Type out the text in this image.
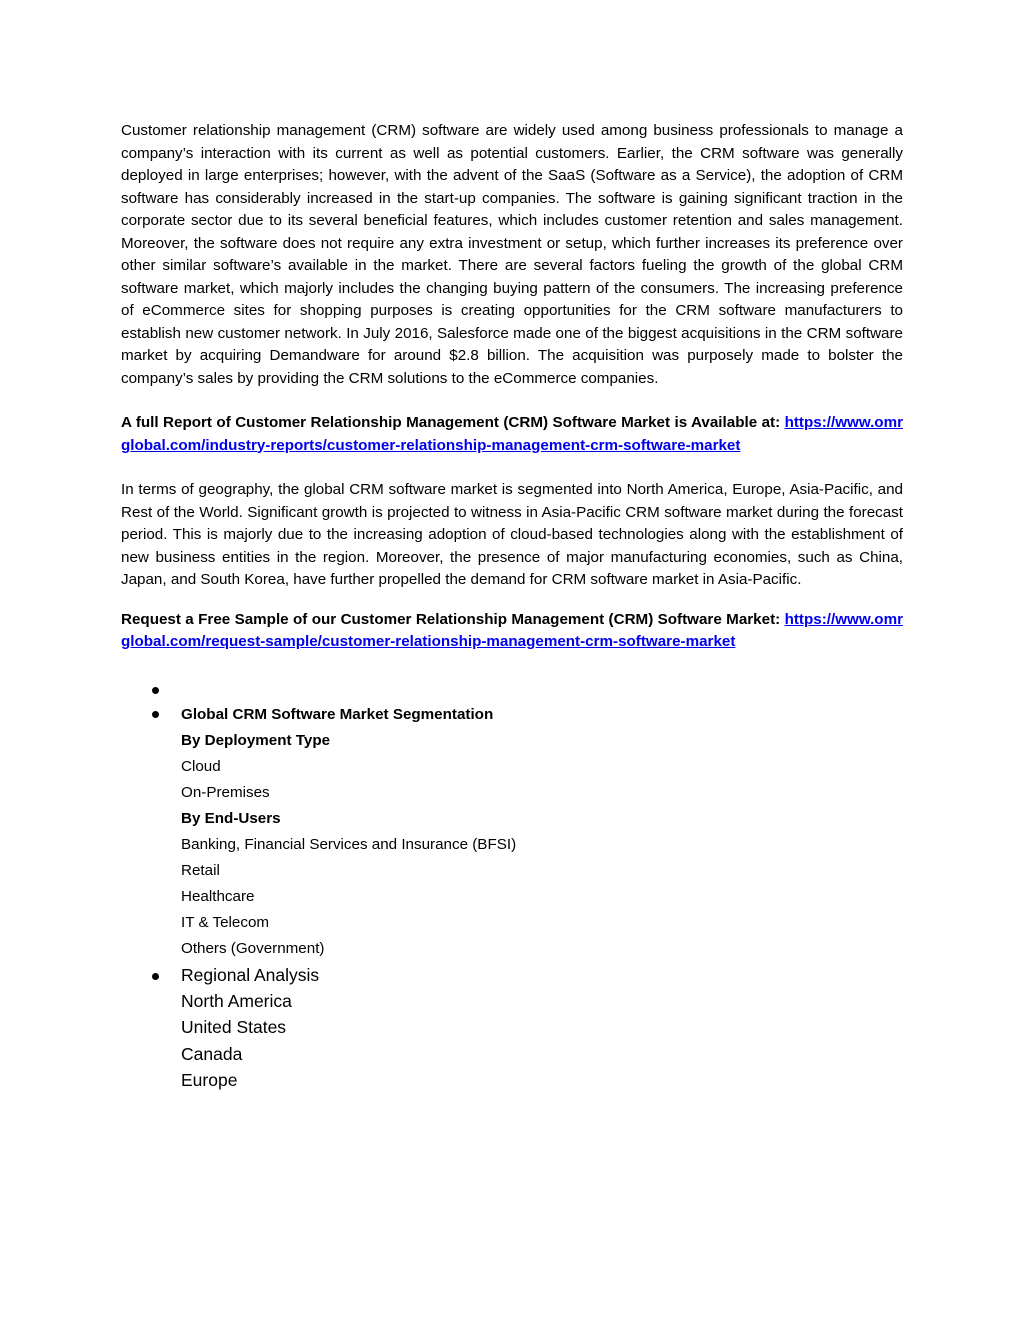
Customer relationship management (CRM) software are widely used among business professionals to manage a company’s interaction with its current as well as potential customers. Earlier, the CRM software was generally deployed in large enterprises; however, with the advent of the SaaS (Software as a Service), the adoption of CRM software has considerably increased in the start-up companies. The software is gaining significant traction in the corporate sector due to its several beneficial features, which includes customer retention and sales management. Moreover, the software does not require any extra investment or setup, which further increases its preference over other similar software’s available in the market. There are several factors fueling the growth of the global CRM software market, which majorly includes the changing buying pattern of the consumers. The increasing preference of eCommerce sites for shopping purposes is creating opportunities for the CRM software manufacturers to establish new customer network. In July 2016, Salesforce made one of the biggest acquisitions in the CRM software market by acquiring Demandware for around $2.8 billion. The acquisition was purposely made to bolster the company’s sales by providing the CRM solutions to the eCommerce companies.

A full Report of Customer Relationship Management (CRM) Software Market is Available at: https://www.omrglobal.com/industry-reports/customer-relationship-management-crm-software-market

In terms of geography, the global CRM software market is segmented into North America, Europe, Asia-Pacific, and Rest of the World. Significant growth is projected to witness in Asia-Pacific CRM software market during the forecast period. This is majorly due to the increasing adoption of cloud-based technologies along with the establishment of new business entities in the region. Moreover, the presence of major manufacturing economies, such as China, Japan, and South Korea, have further propelled the demand for CRM software market in Asia-Pacific.

Request a Free Sample of our Customer Relationship Management (CRM) Software Market: https://www.omrglobal.com/request-sample/customer-relationship-management-crm-software-market

Global CRM Software Market Segmentation
By Deployment Type
Cloud
On-Premises
By End-Users
Banking, Financial Services and Insurance (BFSI)
Retail
Healthcare
IT & Telecom
Others (Government)
Regional Analysis
North America
United States
Canada
Europe
